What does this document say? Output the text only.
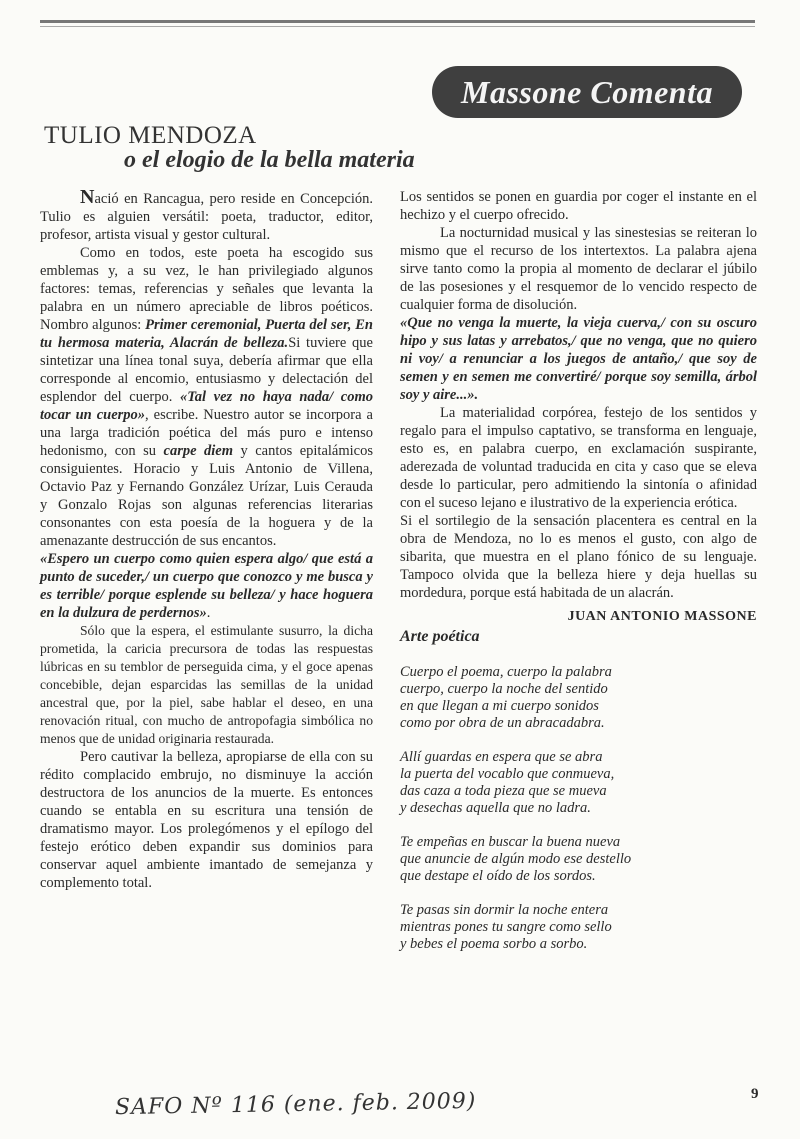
Massone Comenta
TULIO MENDOZA
o el elogio de la bella materia

Nació en Rancagua, pero reside en Concepción. Tulio es alguien versátil: poeta, traductor, editor, profesor, artista visual y gestor cultural.

Como en todos, este poeta ha escogido sus emblemas y, a su vez, le han privilegiado algunos factores: temas, referencias y señales que levanta la palabra en un número apreciable de libros poéticos. Nombro algunos: Primer ceremonial, Puerta del ser, En tu hermosa materia, Alacrán de belleza.Si tuviere que sintetizar una línea tonal suya, debería afirmar que ella corresponde al encomio, entusiasmo y delectación del esplendor del cuerpo. «Tal vez no haya nada/ como tocar un cuerpo», escribe. Nuestro autor se incorpora a una larga tradición poética del más puro e intenso hedonismo, con su carpe diem y cantos epitalámicos consiguientes. Horacio y Luis Antonio de Villena, Octavio Paz y Fernando González Urízar, Luis Cerauda y Gonzalo Rojas son algunas referencias literarias consonantes con esta poesía de la hoguera y de la amenazante destrucción de sus encantos.

«Espero un cuerpo como quien espera algo/ que está a punto de suceder,/ un cuerpo que conozco y me busca y es terrible/ porque esplende su belleza/ y hace hoguera en la dulzura de perdernos».

Sólo que la espera, el estimulante susurro, la dicha prometida, la caricia precursora de todas las respuestas lúbricas en su temblor de perseguida cima, y el goce apenas concebible, dejan esparcidas las semillas de la unidad ancestral que, por la piel, sabe hablar el deseo, en una renovación ritual, con mucho de antropofagia simbólica no menos que de unidad originaria restaurada.

Pero cautivar la belleza, apropiarse de ella con su rédito complacido embrujo, no disminuye la acción destructora de los anuncios de la muerte. Es entonces cuando se entabla en su escritura una tensión de dramatismo mayor. Los prolegómenos y el epílogo del festejo erótico deben expandir sus dominios para conservar aquel ambiente imantado de semejanza y complemento total.

Los sentidos se ponen en guardia por coger el instante en el hechizo y el cuerpo ofrecido.

La nocturnidad musical y las sinestesias se reiteran lo mismo que el recurso de los intertextos. La palabra ajena sirve tanto como la propia al momento de declarar el júbilo de las posesiones y el resquemor de lo vencido respecto de cualquier forma de disolución.

«Que no venga la muerte, la vieja cuerva,/ con su oscuro hipo y sus latas y arrebatos,/ que no venga, que no quiero ni voy/ a renunciar a los juegos de antaño,/ que soy de semen y en semen me convertiré/ porque soy semilla, árbol soy y aire...».

La materialidad corpórea, festejo de los sentidos y regalo para el impulso captativo, se transforma en lenguaje, esto es, en palabra cuerpo, en exclamación suspirante, aderezada de voluntad traducida en cita y caso que se eleva desde lo particular, pero admitiendo la sintonía o afinidad con el suceso lejano e ilustrativo de la experiencia erótica.

Si el sortilegio de la sensación placentera es central en la obra de Mendoza, no lo es menos el gusto, con algo de sibarita, que muestra en el plano fónico de su lenguaje. Tampoco olvida que la belleza hiere y deja huellas su mordedura, porque está habitada de un alacrán.

JUAN ANTONIO MASSONE
Arte poética
Cuerpo el poema, cuerpo la palabra
cuerpo, cuerpo la noche del sentido
en que llegan a mi cuerpo sonidos
como por obra de un abracadabra.
Allí guardas en espera que se abra
la puerta del vocablo que conmueva,
das caza a toda pieza que se mueva
y desechas aquella que no ladra.
Te empeñas en buscar la buena nueva
que anuncie de algún modo ese destello
que destape el oído de los sordos.
Te pasas sin dormir la noche entera
mientras pones tu sangre como sello
y bebes el poema sorbo a sorbo.
SAFO Nº 116 (ene. feb. 2009)	9
